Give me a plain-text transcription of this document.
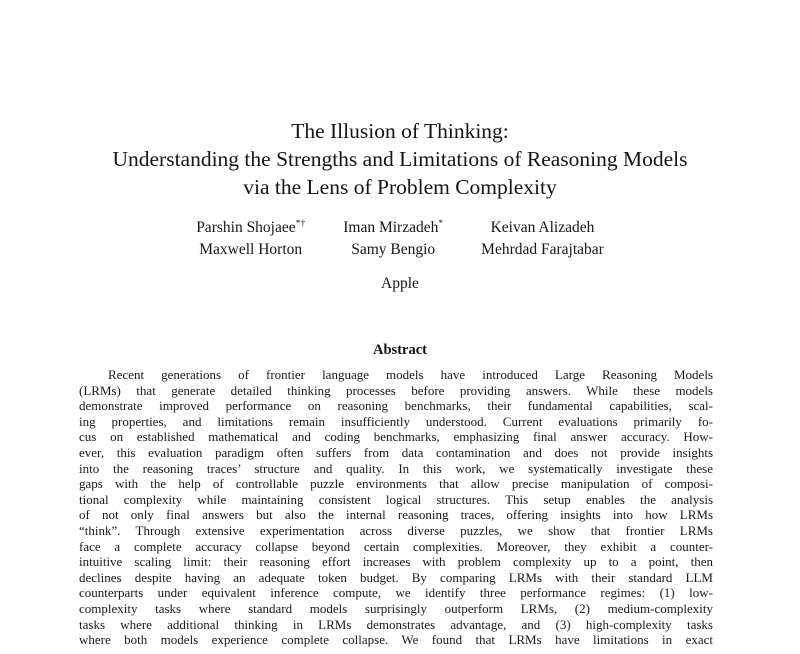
The Illusion of Thinking:
Understanding the Strengths and Limitations of Reasoning Models
via the Lens of Problem Complexity
Parshin Shojaee*† Iman Mirzadeh*	Keivan Alizadeh
Maxwell Horton	Samy Bengio	Mehrdad Farajtabar
Apple
Abstract
Recent generations of frontier language models have introduced Large Reasoning Models
(LRMs) that generate detailed thinking processes before providing answers. While these models
demonstrate improved performance on reasoning benchmarks, their fundamental capabilities, scal-
ing properties, and limitations remain insufficiently understood. Current evaluations primarily fo-
cus on established mathematical and coding benchmarks, emphasizing final answer accuracy. How-
ever, this evaluation paradigm often suffers from data contamination and does not provide insights
into the reasoning traces’ structure and quality. In this work, we systematically investigate these
gaps with the help of controllable puzzle environments that allow precise manipulation of composi-
tional complexity while maintaining consistent logical structures. This setup enables the analysis
of not only final answers but also the internal reasoning traces, offering insights into how LRMs
“think”. Through extensive experimentation across diverse puzzles, we show that frontier LRMs
face a complete accuracy collapse beyond certain complexities. Moreover, they exhibit a counter-
intuitive scaling limit: their reasoning effort increases with problem complexity up to a point, then
declines despite having an adequate token budget. By comparing LRMs with their standard LLM
counterparts under equivalent inference compute, we identify three performance regimes: (1) low-
complexity tasks where standard models surprisingly outperform LRMs, (2) medium-complexity
tasks where additional thinking in LRMs demonstrates advantage, and (3) high-complexity tasks
where both models experience complete collapse. We found that LRMs have limitations in exact
